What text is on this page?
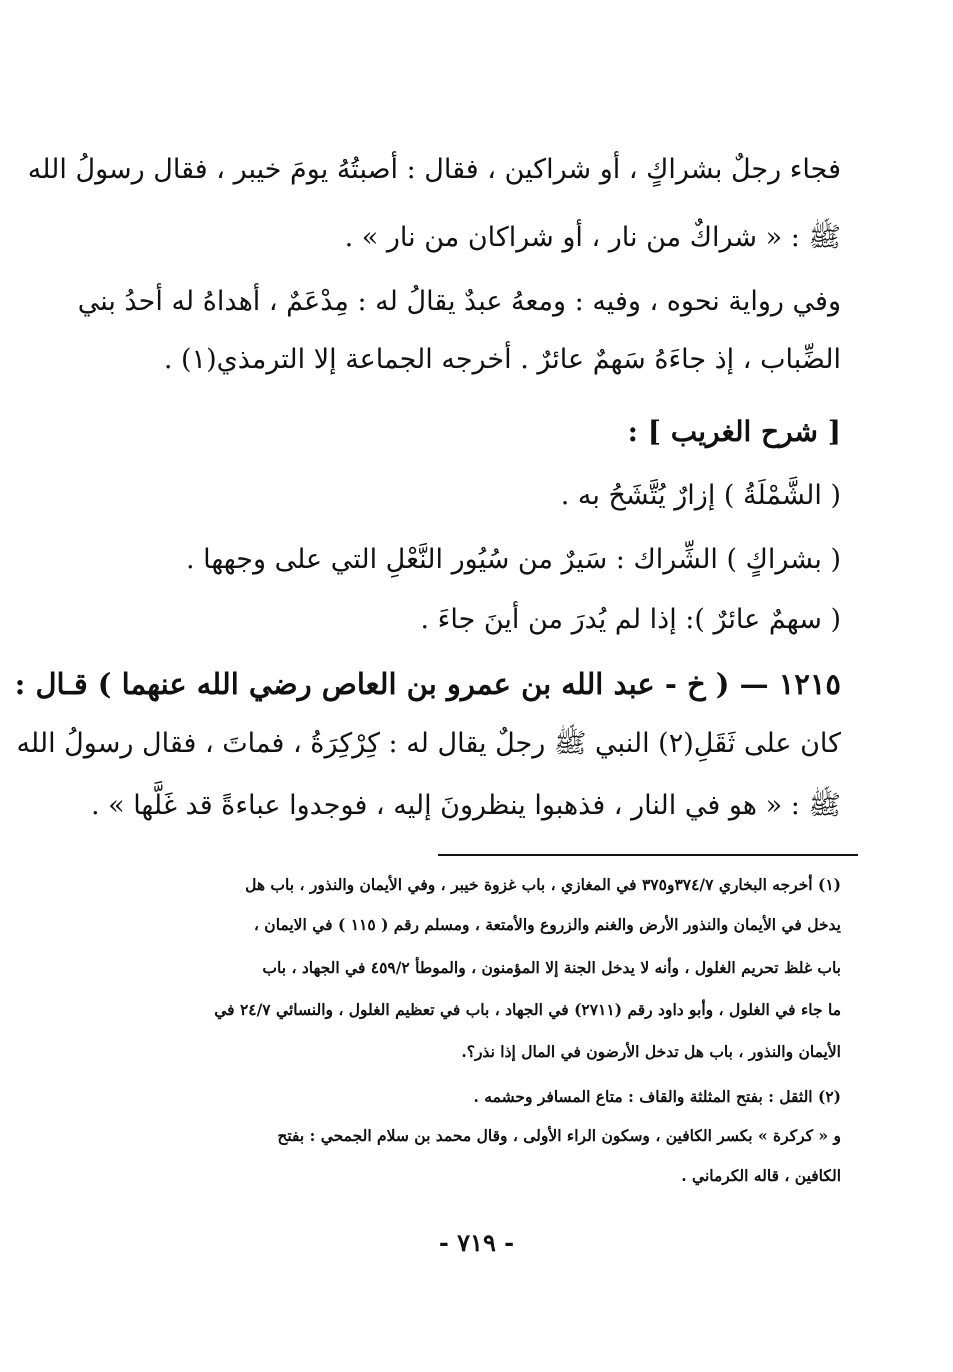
فجاء رجلٌ بشراكٍ ، أو شراكين ، فقال : أصبتُهُ يومَ خيبر ، فقال رسولُ الله
ﷺ : « شراكٌ من نار ، أو شراكان من نار » .
وفي رواية نحوه ، وفيه : ومعهُ عبدٌ يقالُ له : مِدْعَمٌ ، أهداهُ له أحدُ بني
الضِّباب ، إذ جاءَهُ سَهمٌ عائرٌ . أخرجه الجماعة إلا الترمذي(١) .
[ شرح الغريب ] :
( الشَّمْلَةُ ) إزارٌ يُتَّشَحُ به .
( بشراكٍ ) الشِّراك : سَيرٌ من سُيُور النَّعْلِ التي على وجهها .
( سهمٌ عائرٌ ): إذا لم يُدرَ من أينَ جاءَ .
١٢١٥ — ( خ - عبد الله بن عمرو بن العاص رضي الله عنهما ) قـال :
كان على ثَقَلِ(٢) النبي ﷺ رجلٌ يقال له : كِرْكِرَةُ ، فماتَ ، فقال رسولُ الله
ﷺ : « هو في النار ، فذهبوا ينظرونَ إليه ، فوجدوا عباءةً قد غَلَّها » .
(١) أخرجه البخاري ٣٧٤/٧و٣٧٥ في المغازي ، باب غزوة خيبر ، وفي الأيمان والنذور ، باب هل
يدخل في الأيمان والنذور الأرض والغنم والزروع والأمتعة ، ومسلم رقم ( ١١٥ ) في الايمان ،
باب غلظ تحريم الغلول ، وأنه لا يدخل الجنة إلا المؤمنون ، والموطأ ٤٥٩/٢ في الجهاد ، باب
ما جاء في الغلول ، وأبو داود رقم (٢٧١١) في الجهاد ، باب في تعظيم الغلول ، والنسائي ٢٤/٧ في
الأيمان والنذور ، باب هل تدخل الأرضون في المال إذا نذر؟.
(٢) الثقل : بفتح المثلثة والقاف : متاع المسافر وحشمه .
و « كركرة » بكسر الكافين ، وسكون الراء الأولى ، وقال محمد بن سلام الجمحي : بفتح
الكافين ، قاله الكرماني .
- ٧١٩ -
